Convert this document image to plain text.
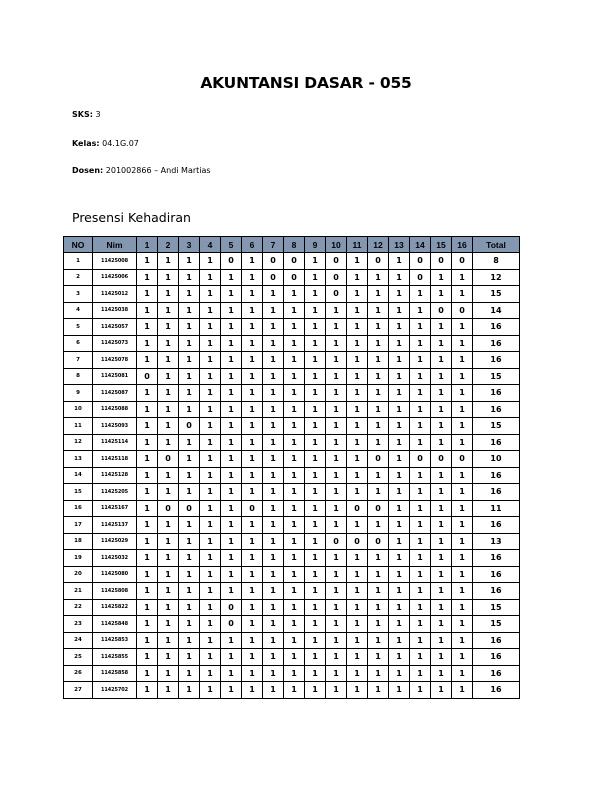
AKUNTANSI DASAR - 055
SKS: 3
Kelas: 04.1G.07
Dosen: 201002866 – Andi Martias
Presensi Kehadiran
NO	Nim	1	2	3	4	5	6	7	8	9	10	11	12	13	14	15	16	Total
1	11425008	1	1	1	1	0	1	0	0	1	0	1	0	1	0	0	0	8
2	11425006	1	1	1	1	1	1	0	0	1	0	1	1	1	0	1	1	12
3	11425012	1	1	1	1	1	1	1	1	1	0	1	1	1	1	1	1	15
4	11425038	1	1	1	1	1	1	1	1	1	1	1	1	1	1	0	0	14
5	11425057	1	1	1	1	1	1	1	1	1	1	1	1	1	1	1	1	16
6	11425073	1	1	1	1	1	1	1	1	1	1	1	1	1	1	1	1	16
7	11425078	1	1	1	1	1	1	1	1	1	1	1	1	1	1	1	1	16
8	11425081	0	1	1	1	1	1	1	1	1	1	1	1	1	1	1	1	15
9	11425087	1	1	1	1	1	1	1	1	1	1	1	1	1	1	1	1	16
10	11425088	1	1	1	1	1	1	1	1	1	1	1	1	1	1	1	1	16
11	11425093	1	1	0	1	1	1	1	1	1	1	1	1	1	1	1	1	15
12	11425114	1	1	1	1	1	1	1	1	1	1	1	1	1	1	1	1	16
13	11425118	1	0	1	1	1	1	1	1	1	1	1	0	1	0	0	0	10
14	11425128	1	1	1	1	1	1	1	1	1	1	1	1	1	1	1	1	16
15	11425205	1	1	1	1	1	1	1	1	1	1	1	1	1	1	1	1	16
16	11425167	1	0	0	1	1	0	1	1	1	1	0	0	1	1	1	1	11
17	11425137	1	1	1	1	1	1	1	1	1	1	1	1	1	1	1	1	16
18	11425029	1	1	1	1	1	1	1	1	1	0	0	0	1	1	1	1	13
19	11425032	1	1	1	1	1	1	1	1	1	1	1	1	1	1	1	1	16
20	11425080	1	1	1	1	1	1	1	1	1	1	1	1	1	1	1	1	16
21	11425808	1	1	1	1	1	1	1	1	1	1	1	1	1	1	1	1	16
22	11425822	1	1	1	1	0	1	1	1	1	1	1	1	1	1	1	1	15
23	11425848	1	1	1	1	0	1	1	1	1	1	1	1	1	1	1	1	15
24	11425853	1	1	1	1	1	1	1	1	1	1	1	1	1	1	1	1	16
25	11425855	1	1	1	1	1	1	1	1	1	1	1	1	1	1	1	1	16
26	11425858	1	1	1	1	1	1	1	1	1	1	1	1	1	1	1	1	16
27	11425702	1	1	1	1	1	1	1	1	1	1	1	1	1	1	1	1	16
